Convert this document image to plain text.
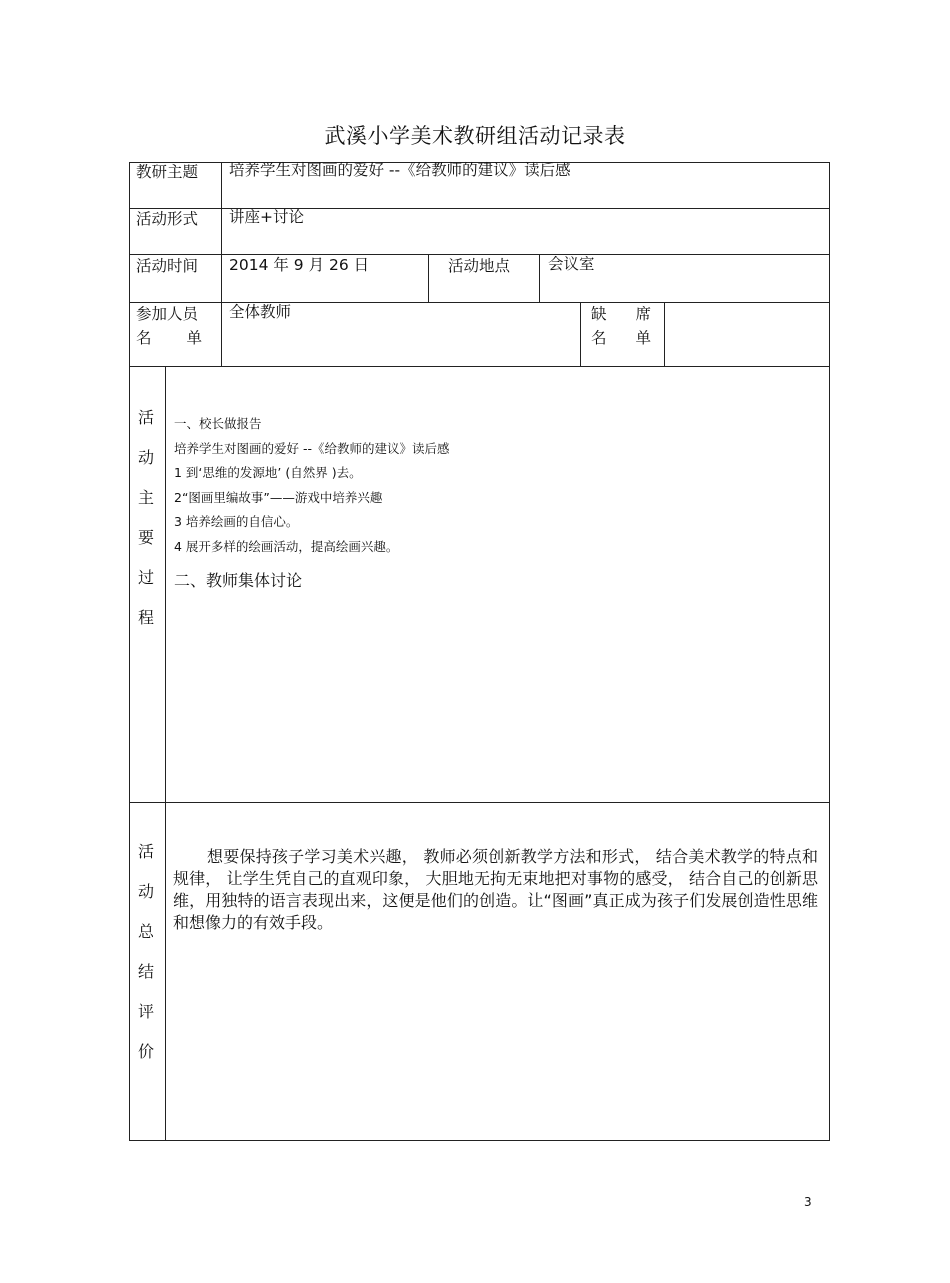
武溪小学美术教研组活动记录表
教研主题 培养学生对图画的爱好 --《给教师的建议》读后感
活动形式 讲座+讨论
活动时间 2014 年 9 月 26 日	活动地点 会议室
参加人员
名 单
全体教师	缺 席
名 单
活
动
主
要
过
程
一、校长做报告
培养学生对图画的爱好 --《给教师的建议》读后感
1 到‘思维的发源地’ (自然界 )去。
2“图画里编故事”——游戏中培养兴趣
3 培养绘画的自信心。
4 展开多样的绘画活动，提高绘画兴趣。
二、教师集体讨论
活
动
总
结
评
价
想要保持孩子学习美术兴趣， 教师必须创新教学方法和形式， 结合美术教学的特点和规律， 让学生凭自己的直观印象， 大胆地无拘无束地把对事物的感受， 结合自己的创新思维，用独特的语言表现出来，这便是他们的创造。让“图画”真正成为孩子们发展创造性思维和想像力的有效手段。
3
